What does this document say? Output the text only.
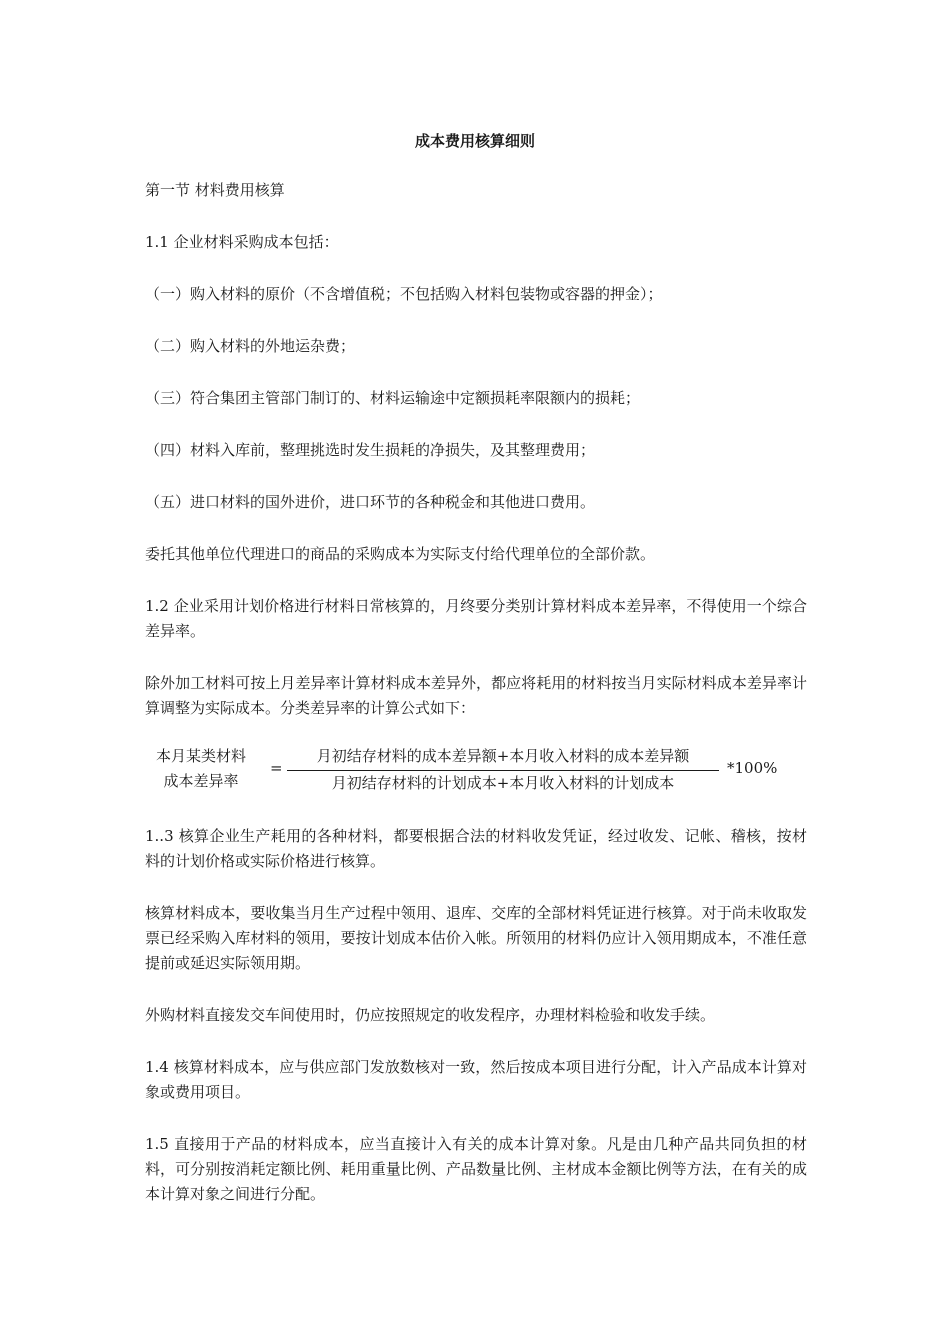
成本费用核算细则

第一节 材料费用核算

1.1 企业材料采购成本包括：

（一）购入材料的原价（不含增值税；不包括购入材料包装物或容器的押金）；

（二）购入材料的外地运杂费；

（三）符合集团主管部门制订的、材料运输途中定额损耗率限额内的损耗；

（四）材料入库前，整理挑选时发生损耗的净损失，及其整理费用；

（五）进口材料的国外进价，进口环节的各种税金和其他进口费用。

委托其他单位代理进口的商品的采购成本为实际支付给代理单位的全部价款。

1.2 企业采用计划价格进行材料日常核算的，月终要分类别计算材料成本差异率，不得使用一个综合差异率。

除外加工材料可按上月差异率计算材料成本差异外，都应将耗用的材料按当月实际材料成本差异率计算调整为实际成本。分类差异率的计算公式如下：

本月某类材料
成本差异率
=
月初结存材料的成本差异额+本月收入材料的成本差异额
月初结存材料的计划成本+本月收入材料的计划成本
*100%

1..3 核算企业生产耗用的各种材料，都要根据合法的材料收发凭证，经过收发、记帐、稽核，按材料的计划价格或实际价格进行核算。

核算材料成本，要收集当月生产过程中领用、退库、交库的全部材料凭证进行核算。对于尚未收取发票已经采购入库材料的领用，要按计划成本估价入帐。所领用的材料仍应计入领用期成本，不准任意提前或延迟实际领用期。

外购材料直接发交车间使用时，仍应按照规定的收发程序，办理材料检验和收发手续。

1.4 核算材料成本，应与供应部门发放数核对一致，然后按成本项目进行分配，计入产品成本计算对象或费用项目。

1.5 直接用于产品的材料成本，应当直接计入有关的成本计算对象。凡是由几种产品共同负担的材料，可分别按消耗定额比例、耗用重量比例、产品数量比例、主材成本金额比例等方法，在有关的成本计算对象之间进行分配。
